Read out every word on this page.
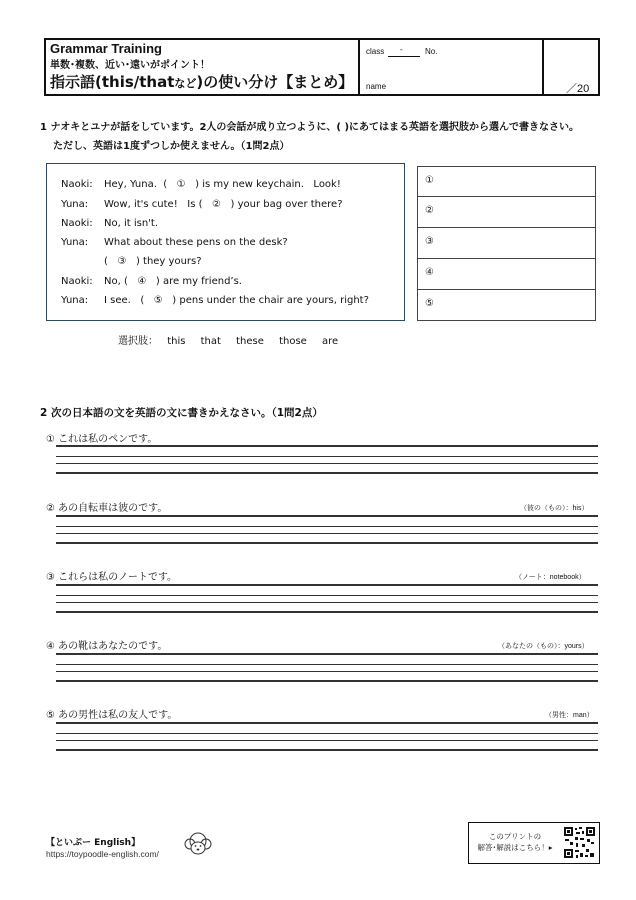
Grammar Training
単数･複数、近い･遠いがポイント！
指示語(this/thatなど)の使い分け【まとめ】
class -	No.
name	／20
1 ナオキとユナが話をしています。2人の会話が成り立つように、( )にあてはまる英語を選択肢から選んで書きなさい。
ただし、英語は1度ずつしか使えません。（1問2点）
Naoki: Hey, Yuna.  (   ①   ) is my new keychain.   Look!
Yuna: Wow, it's cute!   Is (   ②   ) your bag over there?
Naoki: No, it isn't.
Yuna: What about these pens on the desk?
(   ③   ) they yours?
Naoki: No, (   ④   ) are my friend’s.
Yuna: I see.   (   ⑤   ) pens under the chair are yours, right?
①
②
③
④
⑤
選択肢： this that these those are
2 次の日本語の文を英語の文に書きかえなさい。（1問2点）
① これは私のペンです。
② あの自転車は彼のです。	（彼の（もの）：his）
③ これらは私のノートです。	（ノート：notebook）
④ あの靴はあなたのです。	（あなたの（もの）：yours）
⑤ あの男性は私の友人です。	（男性：man）
【といぷー English】
https://toypoodle-english.com/
このプリントの
解答･解説はこちら！▸
